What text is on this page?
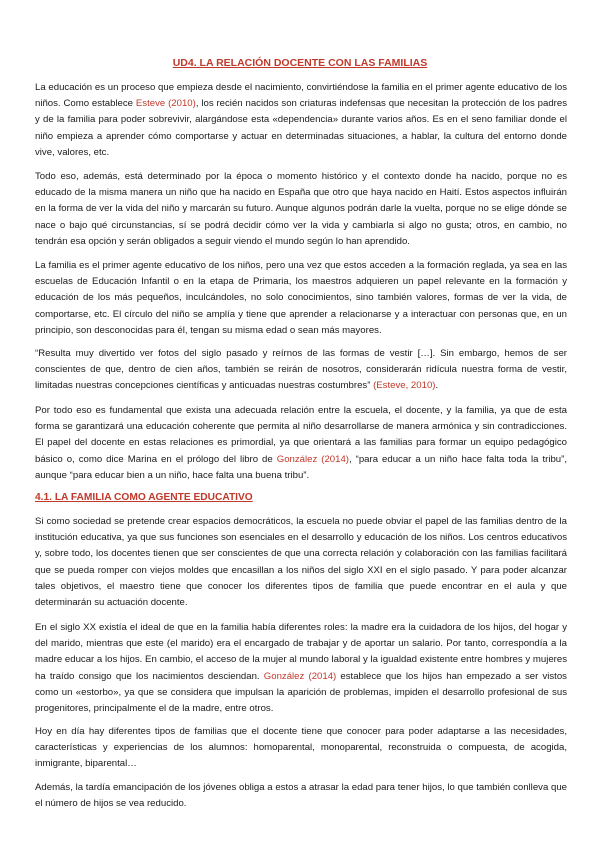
UD4. LA RELACIÓN DOCENTE CON LAS FAMILIAS

La educación es un proceso que empieza desde el nacimiento, convirtiéndose la familia en el primer agente educativo de los niños. Como establece Esteve (2010), los recién nacidos son criaturas indefensas que necesitan la protección de los padres y de la familia para poder sobrevivir, alargándose esta «dependencia» durante varios años. Es en el seno familiar donde el niño empieza a aprender cómo comportarse y actuar en determinadas situaciones, a hablar, la cultura del entorno donde vive, valores, etc.

Todo eso, además, está determinado por la época o momento histórico y el contexto donde ha nacido, porque no es educado de la misma manera un niño que ha nacido en España que otro que haya nacido en Haití. Estos aspectos influirán en la forma de ver la vida del niño y marcarán su futuro. Aunque algunos podrán darle la vuelta, porque no se elige dónde se nace o bajo qué circunstancias, sí se podrá decidir cómo ver la vida y cambiarla si algo no gusta; otros, en cambio, no tendrán esa opción y serán obligados a seguir viendo el mundo según lo han aprendido.

La familia es el primer agente educativo de los niños, pero una vez que estos acceden a la formación reglada, ya sea en las escuelas de Educación Infantil o en la etapa de Primaria, los maestros adquieren un papel relevante en la formación y educación de los más pequeños, inculcándoles, no solo conocimientos, sino también valores, formas de ver la vida, de comportarse, etc. El círculo del niño se amplía y tiene que aprender a relacionarse y a interactuar con personas que, en un principio, son desconocidas para él, tengan su misma edad o sean más mayores.

“Resulta muy divertido ver fotos del siglo pasado y reírnos de las formas de vestir […]. Sin embargo, hemos de ser conscientes de que, dentro de cien años, también se reirán de nosotros, considerarán ridícula nuestra forma de vestir, limitadas nuestras concepciones científicas y anticuadas nuestras costumbres” (Esteve, 2010).

Por todo eso es fundamental que exista una adecuada relación entre la escuela, el docente, y la familia, ya que de esta forma se garantizará una educación coherente que permita al niño desarrollarse de manera armónica y sin contradicciones. El papel del docente en estas relaciones es primordial, ya que orientará a las familias para formar un equipo pedagógico básico o, como dice Marina en el prólogo del libro de González (2014), “para educar a un niño hace falta toda la tribu”, aunque “para educar bien a un niño, hace falta una buena tribu”.

4.1. LA FAMILIA COMO AGENTE EDUCATIVO

Si como sociedad se pretende crear espacios democráticos, la escuela no puede obviar el papel de las familias dentro de la institución educativa, ya que sus funciones son esenciales en el desarrollo y educación de los niños. Los centros educativos y, sobre todo, los docentes tienen que ser conscientes de que una correcta relación y colaboración con las familias facilitará que se pueda romper con viejos moldes que encasillan a los niños del siglo XXI en el siglo pasado. Y para poder alcanzar tales objetivos, el maestro tiene que conocer los diferentes tipos de familia que puede encontrar en el aula y que determinarán su actuación docente.

En el siglo XX existía el ideal de que en la familia había diferentes roles: la madre era la cuidadora de los hijos, del hogar y del marido, mientras que este (el marido) era el encargado de trabajar y de aportar un salario. Por tanto, correspondía a la madre educar a los hijos. En cambio, el acceso de la mujer al mundo laboral y la igualdad existente entre hombres y mujeres ha traído consigo que los nacimientos desciendan. González (2014) establece que los hijos han empezado a ser vistos como un «estorbo», ya que se considera que impulsan la aparición de problemas, impiden el desarrollo profesional de sus progenitores, principalmente el de la madre, entre otros.

Hoy en día hay diferentes tipos de familias que el docente tiene que conocer para poder adaptarse a las necesidades, características y experiencias de los alumnos: homoparental, monoparental, reconstruida o compuesta, de acogida, inmigrante, biparental…

Además, la tardía emancipación de los jóvenes obliga a estos a atrasar la edad para tener hijos, lo que también conlleva que el número de hijos se vea reducido.
